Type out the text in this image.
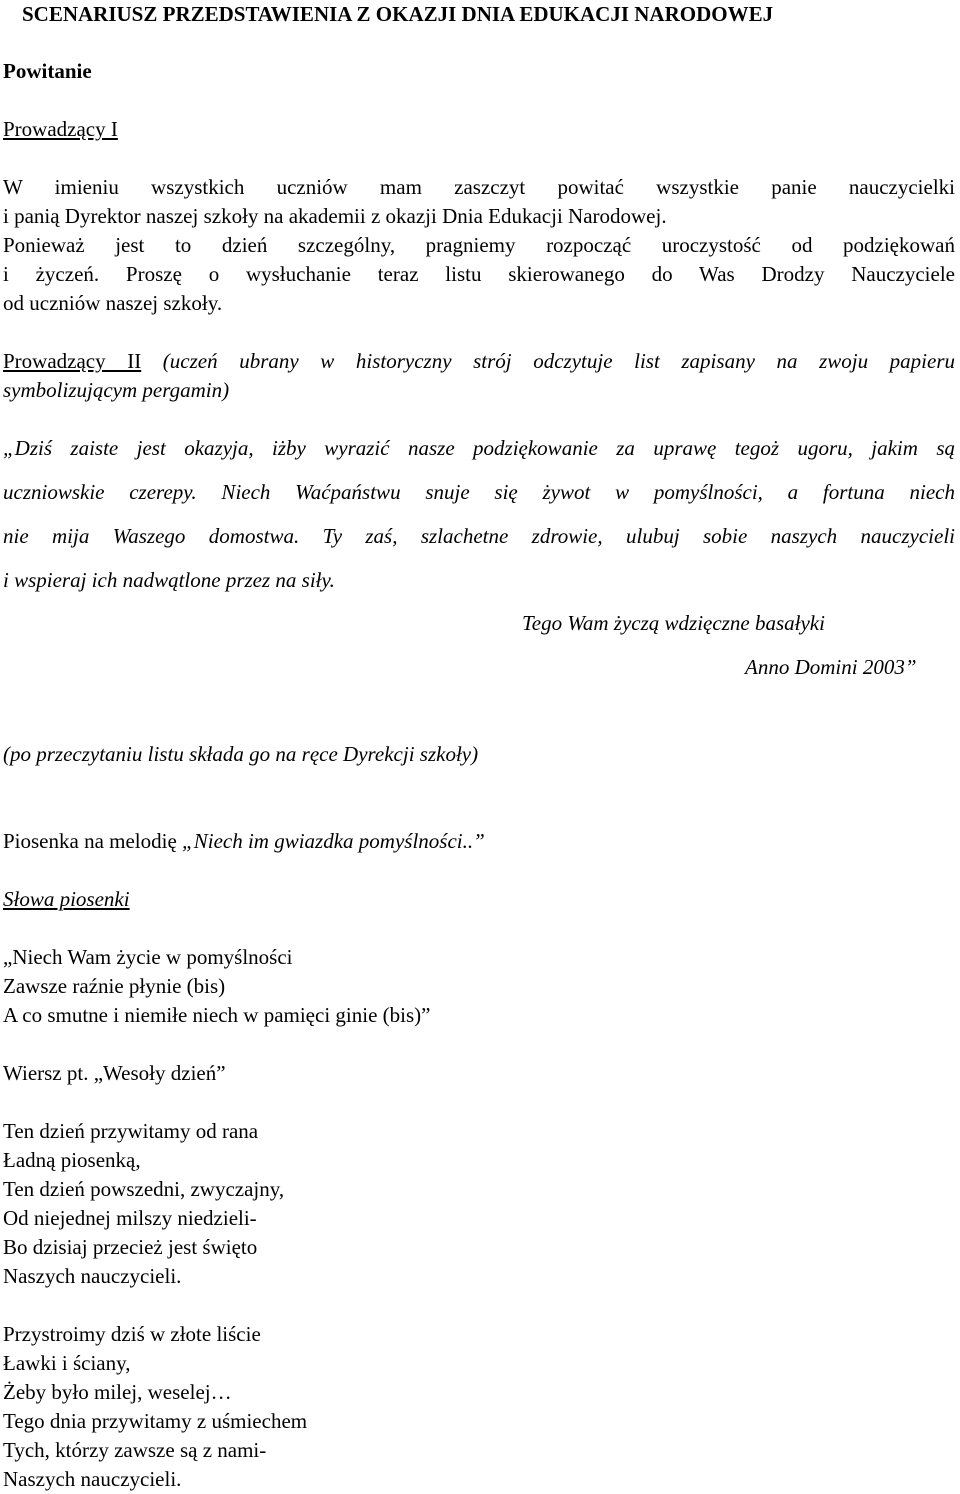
SCENARIUSZ PRZEDSTAWIENIA Z OKAZJI DNIA EDUKACJI NARODOWEJ

Powitanie

Prowadzący I

W imieniu wszystkich uczniów mam zaszczyt powitać wszystkie panie nauczycielki

i panią Dyrektor naszej szkoły na akademii z okazji Dnia Edukacji Narodowej.

Ponieważ jest to dzień szczególny, pragniemy rozpocząć uroczystość od podziękowań

i życzeń. Proszę o wysłuchanie teraz listu skierowanego do Was Drodzy Nauczyciele

od uczniów naszej szkoły.

Prowadzący II (uczeń ubrany w historyczny strój odczytuje list zapisany na zwoju papieru

symbolizującym pergamin)

„Dziś zaiste jest okazyja, iżby wyrazić nasze podziękowanie za uprawę tegoż ugoru, jakim są

uczniowskie czerepy. Niech Waćpaństwu snuje się żywot w pomyślności, a fortuna niech

nie mija Waszego domostwa. Ty zaś, szlachetne zdrowie, ulubuj sobie naszych nauczycieli

i wspieraj ich nadwątlone przez na siły.

Tego Wam życzą wdzięczne basałyki

Anno Domini 2003”

(po przeczytaniu listu składa go na ręce Dyrekcji szkoły)

Piosenka na melodię „Niech im gwiazdka pomyślności..”

Słowa piosenki

„Niech Wam życie w pomyślności

Zawsze raźnie płynie (bis)

A co smutne i niemiłe niech w pamięci ginie (bis)”

Wiersz pt. „Wesoły dzień”

Ten dzień przywitamy od rana

Ładną piosenką,

Ten dzień powszedni, zwyczajny,

Od niejednej milszy niedzieli-

Bo dzisiaj przecież jest święto

Naszych nauczycieli.

Przystroimy dziś w złote liście

Ławki i ściany,

Żeby było milej, weselej…

Tego dnia przywitamy z uśmiechem

Tych, którzy zawsze są z nami-

Naszych nauczycieli.
